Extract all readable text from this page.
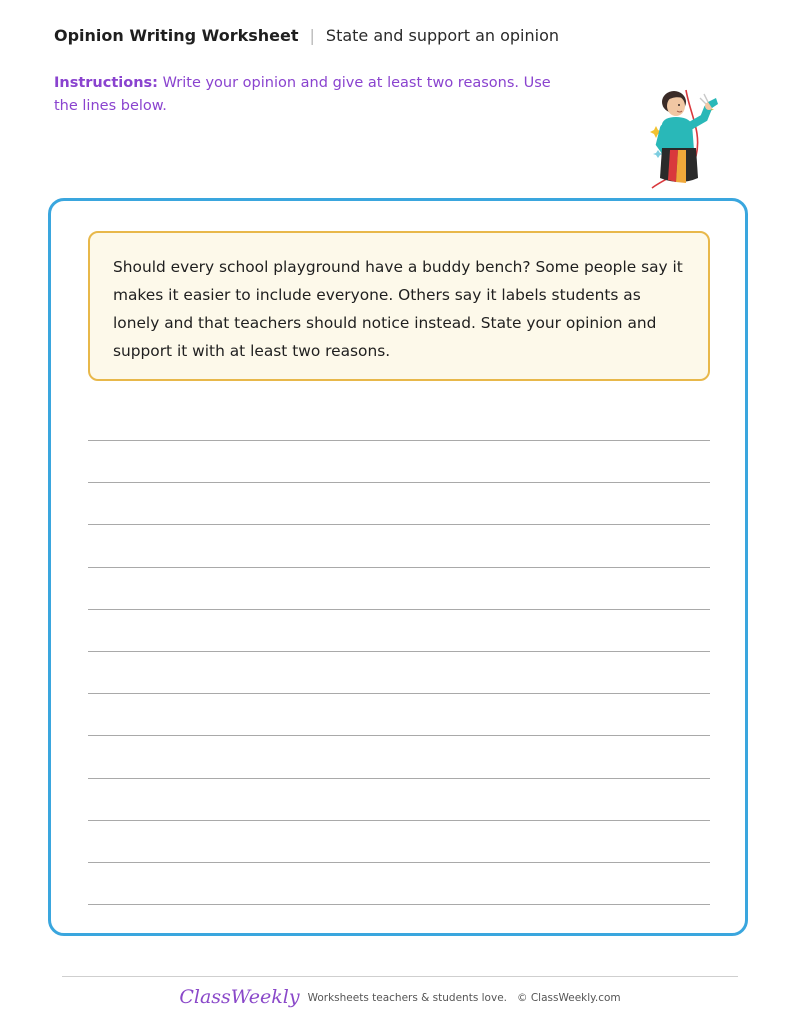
Opinion Writing Worksheet | State and support an opinion
Instructions: Write your opinion and give at least two reasons. Use the lines below.
Should every school playground have a buddy bench? Some people say it makes it easier to include everyone. Others say it labels students as lonely and that teachers should notice instead. State your opinion and support it with at least two reasons.
ClassWeekly Worksheets teachers & students love. © ClassWeekly.com
